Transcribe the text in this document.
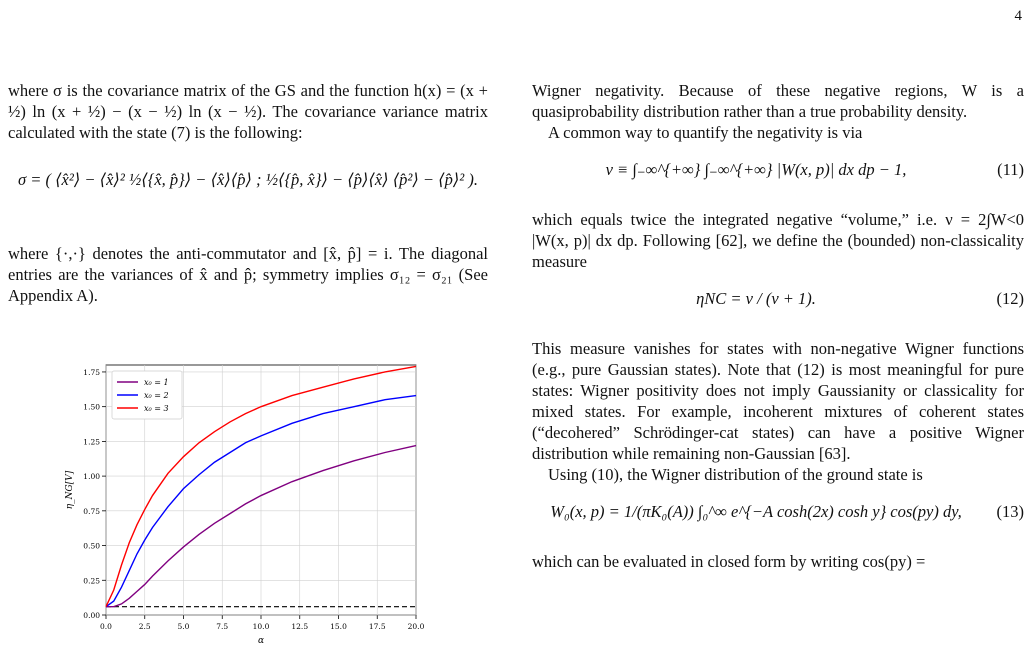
4

where σ is the covariance matrix of the GS and the function h(x) = (x + ½) ln (x + ½) − (x − ½) ln (x − ½). The covariance variance matrix calculated with the state (7) is the following:

σ = ( ⟨x̂²⟩ − ⟨x̂⟩² ½⟨{x̂, p̂}⟩ − ⟨x̂⟩⟨p̂⟩ ; ½⟨{p̂, x̂}⟩ − ⟨p̂⟩⟨x̂⟩ ⟨p̂²⟩ − ⟨p̂⟩² ).

where {·,·} denotes the anti-commutator and [x̂, p̂] = i. The diagonal entries are the variances of x̂ and p̂; symmetry implies σ₁₂ = σ₂₁ (See Appendix A).

0.0	2.5	5.0	7.5	10.0	12.5	15.0	17.5	20.0
0.00
0.25
0.50
0.75
1.00
1.25
1.50
1.75
α
η_NG[V]
x₀ = 1
x₀ = 2
x₀ = 3

Wigner negativity. Because of these negative regions, W is a quasiprobability distribution rather than a true probability density.

A common way to quantify the negativity is via

ν ≡ ∫₋∞^{+∞} ∫₋∞^{+∞} |W(x, p)| dx dp − 1,	(11)

which equals twice the integrated negative “volume,” i.e. ν = 2∫W<0 |W(x, p)| dx dp. Following [62], we define the (bounded) non-classicality measure

ηNC = ν / (ν + 1).	(12)

This measure vanishes for states with non-negative Wigner functions (e.g., pure Gaussian states). Note that (12) is most meaningful for pure states: Wigner positivity does not imply Gaussianity or classicality for mixed states. For example, incoherent mixtures of coherent states (“decohered” Schrödinger-cat states) can have a positive Wigner distribution while remaining non-Gaussian [63].

Using (10), the Wigner distribution of the ground state is

W₀(x, p) = 1/(πK₀(A)) ∫₀^∞ e^{−A cosh(2x) cosh y} cos(py) dy,	(13)

which can be evaluated in closed form by writing cos(py) =
